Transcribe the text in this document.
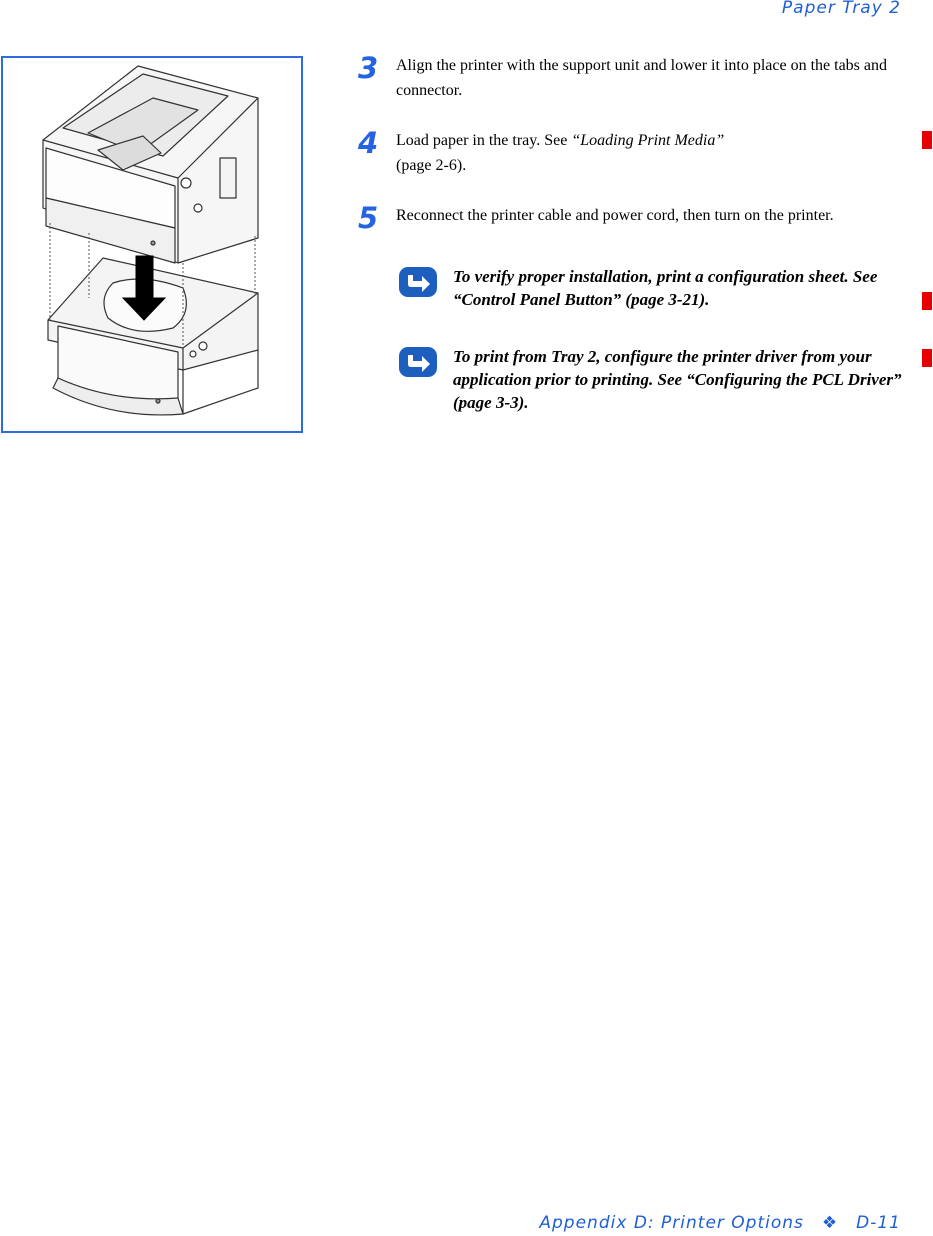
Paper Tray 2
3 Align the printer with the support unit and lower it into place on the tabs and connector.
4 Load paper in the tray. See “Loading Print Media”
(page 2-6).
5 Reconnect the printer cable and power cord, then turn on the printer.
To verify proper installation, print a configuration sheet. See “Control Panel Button” (page 3-21).
To print from Tray 2, configure the printer driver from your application prior to printing. See “Configuring the PCL Driver” (page 3-3).
Appendix D: Printer Options ❖ D-11
